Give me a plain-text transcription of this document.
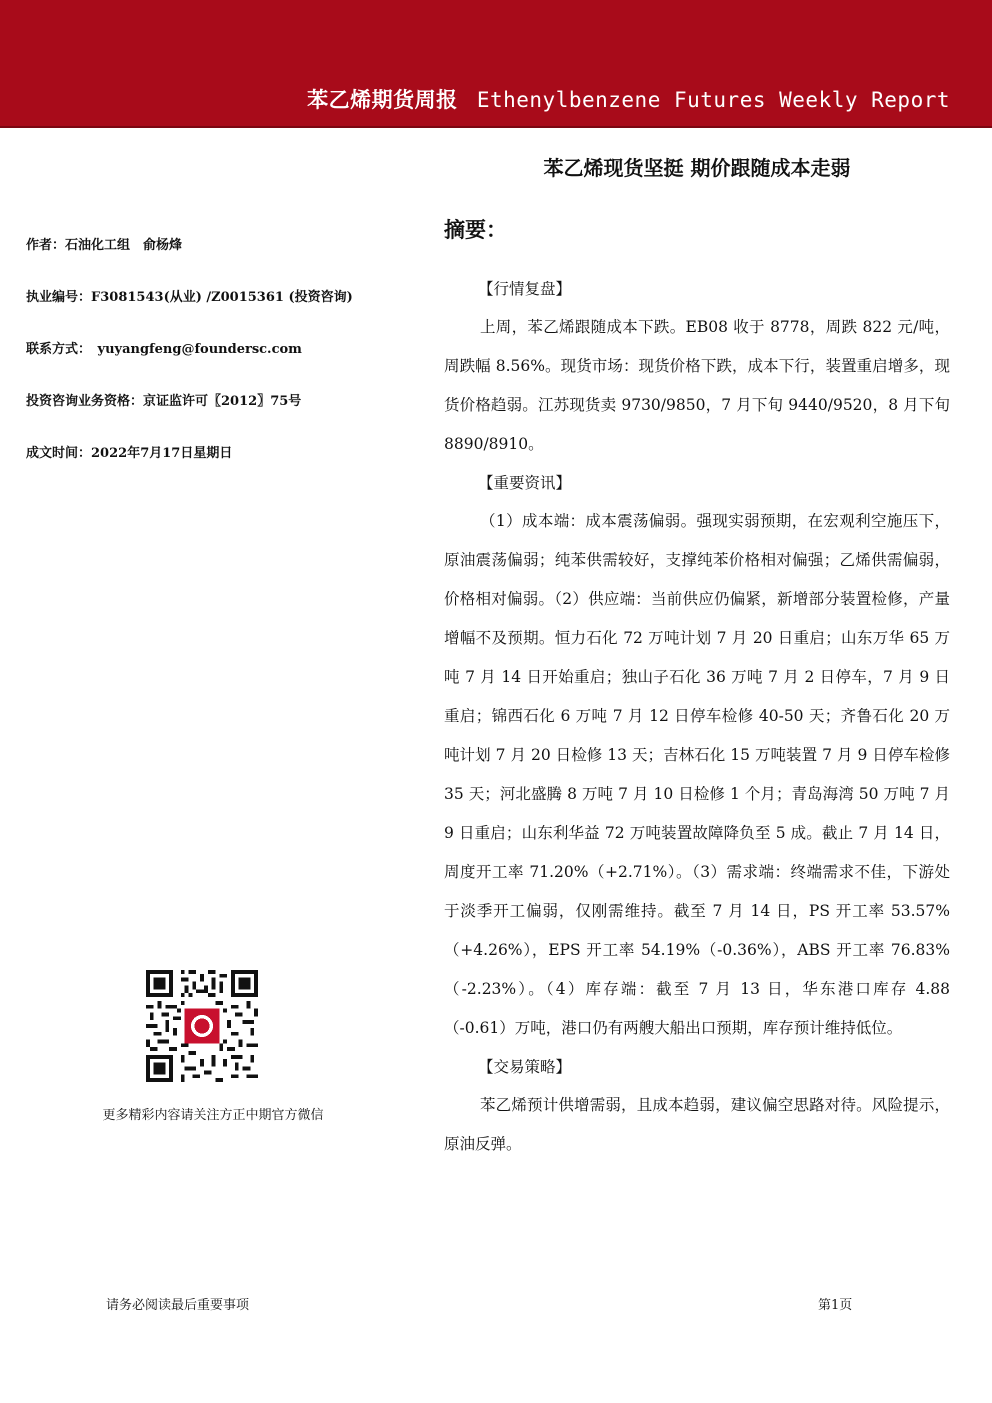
苯乙烯期货周报 Ethenylbenzene Futures Weekly Report
苯乙烯现货坚挺 期价跟随成本走弱
摘要：
作者：石油化工组　俞杨烽
执业编号：F3081543(从业) /Z0015361 (投资咨询)
联系方式：　yuyangfeng@foundersc.com
投资咨询业务资格：京证监许可〖2012〗75号
成文时间：2022年7月17日星期日
更多精彩内容请关注方正中期官方微信
【行情复盘】

上周，苯乙烯跟随成本下跌。EB08 收于 8778，周跌 822 元/吨，周跌幅 8.56%。现货市场：现货价格下跌，成本下行，装置重启增多，现货价格趋弱。江苏现货卖 9730/9850，7 月下旬 9440/9520，8 月下旬 8890/8910。

【重要资讯】

（1）成本端：成本震荡偏弱。强现实弱预期，在宏观利空施压下，原油震荡偏弱；纯苯供需较好，支撑纯苯价格相对偏强；乙烯供需偏弱，价格相对偏弱。（2）供应端：当前供应仍偏紧，新增部分装置检修，产量增幅不及预期。恒力石化 72 万吨计划 7 月 20 日重启；山东万华 65 万吨 7 月 14 日开始重启；独山子石化 36 万吨 7 月 2 日停车，7 月 9 日重启；锦西石化 6 万吨 7 月 12 日停车检修 40-50 天；齐鲁石化 20 万吨计划 7 月 20 日检修 13 天；吉林石化 15 万吨装置 7 月 9 日停车检修 35 天；河北盛腾 8 万吨 7 月 10 日检修 1 个月；青岛海湾 50 万吨 7 月 9 日重启；山东利华益 72 万吨装置故障降负至 5 成。截止 7 月 14 日，周度开工率 71.20%（+2.71%）。（3）需求端：终端需求不佳，下游处于淡季开工偏弱，仅刚需维持。截至 7 月 14 日，PS 开工率 53.57%（+4.26%），EPS 开工率 54.19%（-0.36%），ABS 开工率 76.83%（-2.23%）。（4）库存端：截至 7 月 13 日，华东港口库存 4.88（-0.61）万吨，港口仍有两艘大船出口预期，库存预计维持低位。

【交易策略】

苯乙烯预计供增需弱，且成本趋弱，建议偏空思路对待。风险提示，原油反弹。

请务必阅读最后重要事项	第1页
